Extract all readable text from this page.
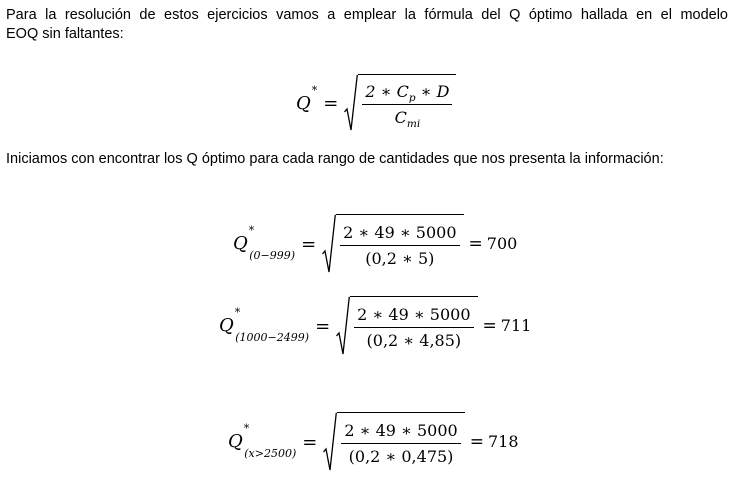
Para la resolución de estos ejercicios vamos a emplear la fórmula del Q óptimo hallada en el modelo
EOQ sin faltantes:
Q*
= $\frac{2 ∗ C_p ∗ D}{C_{mi}}$
Iniciamos con encontrar los Q óptimo para cada rango de cantidades que nos presenta la información:
$Q^*_{(0-999)}$
= $\frac{2 ∗ 49 ∗ 5000}{(0,2 ∗ 5)} = 700$
$Q^*_{(1000-2499)}$
= $\frac{2 ∗ 49 ∗ 5000}{(0,2 ∗ 4,85)} = 711$
$Q^*_{(x>2500)}$
= $\frac{2 ∗ 49 ∗ 5000}{(0,2 ∗ 0,475)} = 718$
